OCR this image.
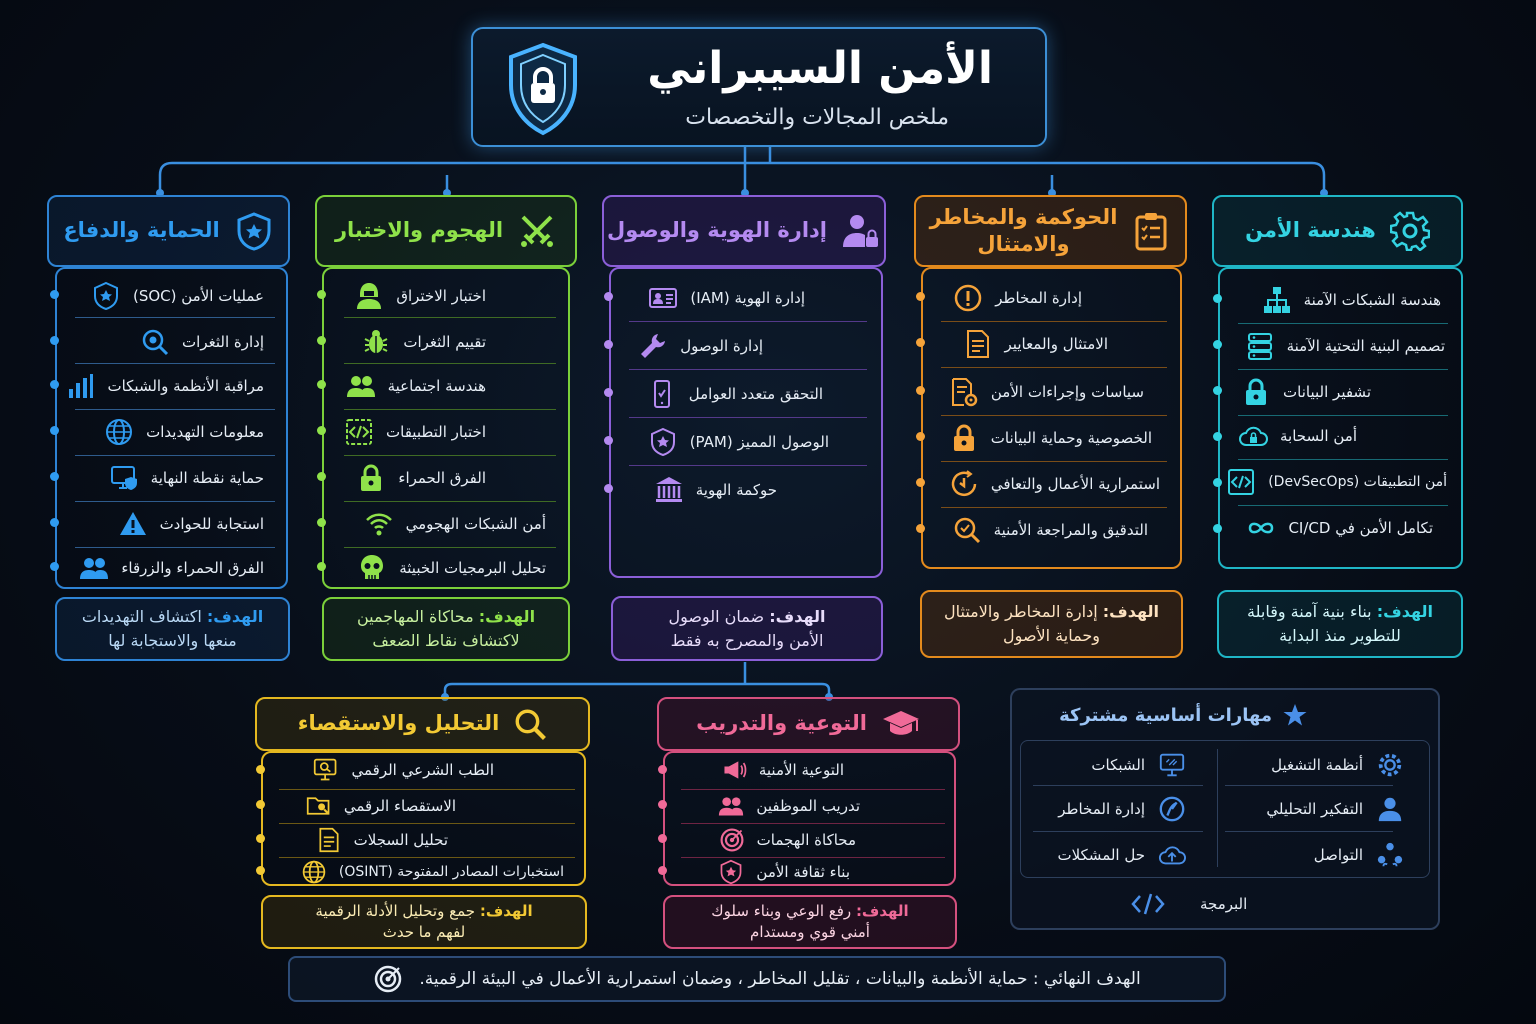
الأمن السيبراني
ملخص المجالات والتخصصات
الحماية والدفاع
عمليات الأمن (SOC)
إدارة الثغرات
مراقبة الأنظمة والشبكات
معلومات التهديدات
حماية نقطة النهاية
استجابة للحوادث
الفرق الحمراء والزرقاء
الهدف: اكتشاف التهديدات
منعها والاستجابة لها
الهجوم والاختبار
اختبار الاختراق
تقييم الثغرات
هندسة اجتماعية
اختبار التطبيقات
الفرق الحمراء
أمن الشبكات الهجومي
تحليل البرمجيات الخبيثة
الهدف: محاكاة المهاجمين
لاكتشاف نقاط الضعف
إدارة الهوية والوصول
إدارة الهوية (IAM)
إدارة الوصول
التحقق متعدد العوامل
الوصول المميز (PAM)
حوكمة الهوية
الهدف: ضمان الوصول
الأمن والمصرح به فقط
الحوكمة والمخاطر
والامتثال
إدارة المخاطر
الامتثال والمعايير
سياسات وإجراءات الأمن
الخصوصية وحماية البيانات
استمرارية الأعمال والتعافي
التدقيق والمراجعة الأمنية
الهدف: إدارة المخاطر والامتثال
وحماية الأصول
هندسة الأمن
هندسة الشبكات الآمنة
تصميم البنية التحتية الآمنة
تشفير البيانات
أمن السحابة
أمن التطبيقات (DevSecOps)
تكامل الأمن في CI/CD
الهدف: بناء بنية آمنة وقابلة
للتطوير منذ البداية
التحليل والاستقصاء
الطب الشرعي الرقمي
الاستقصاء الرقمي
تحليل السجلات
استخبارات المصادر المفتوحة (OSINT)
الهدف: جمع وتحليل الأدلة الرقمية
لفهم ما حدث
التوعية والتدريب
التوعية الأمنية
تدريب الموظفين
محاكاة الهجمات
بناء ثقافة الأمن
الهدف: رفع الوعي وبناء سلوك
أمني قوي ومستدام
مهارات أساسية مشتركة
أنظمة التشغيل
التفكير التحليلي
التواصل
الشبكات
إدارة المخاطر
حل المشكلات
البرمجة
الهدف النهائي : حماية الأنظمة والبيانات ، تقليل المخاطر ، وضمان استمرارية الأعمال في البيئة الرقمية.
